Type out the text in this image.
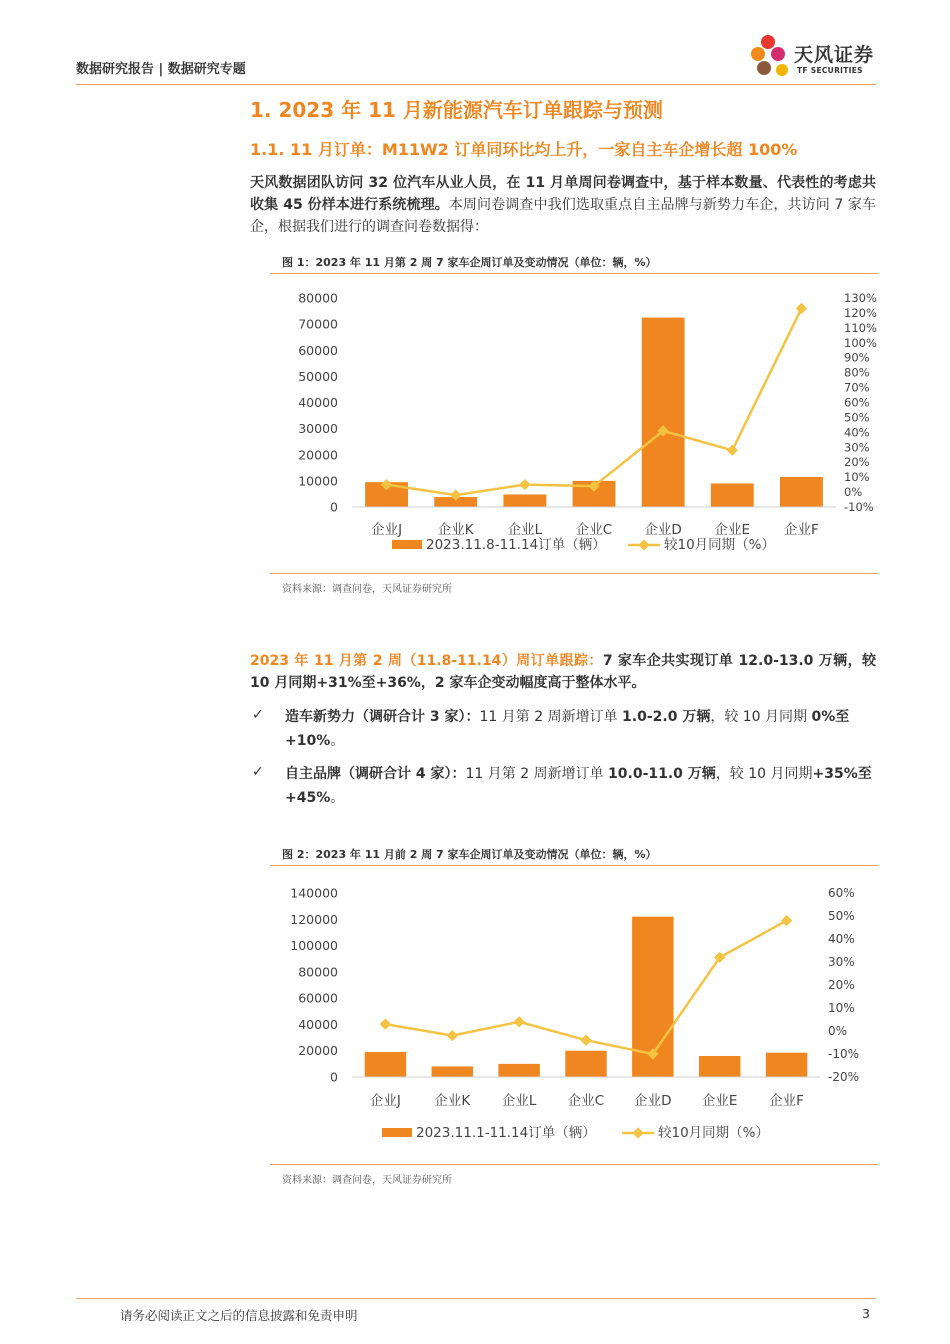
数据研究报告 | 数据研究专题
天风证券
TF SECURITIES
1. 2023 年 11 月新能源汽车订单跟踪与预测
1.1. 11 月订单：M11W2 订单同环比均上升，一家自主车企增长超 100%
天风数据团队访问 32 位汽车从业人员，在 11 月单周问卷调查中，基于样本数量、代表性的考虑共收集 45 份样本进行系统梳理。本周问卷调查中我们选取重点自主品牌与新势力车企，共访问 7 家车企，根据我们进行的调查问卷数据得：
图 1：2023 年 11 月第 2 周 7 家车企周订单及变动情况（单位：辆，%）
80000
70000
60000
50000
40000
30000
20000
10000
0
130%
120%
110%
100%
90%
80%
70%
60%
50%
40%
30%
20%
10%
0%
-10%
企业J	企业K	企业L 企业C 企业D 企业E	企业F
2023.11.8-11.14订单（辆）	较10月同期（%）
资料来源：调查问卷，天风证券研究所
2023 年 11 月第 2 周（11.8-11.14）周订单跟踪：7 家车企共实现订单 12.0-13.0 万辆，较 10 月同期+31%至+36%，2 家车企变动幅度高于整体水平。
✓ 造车新势力（调研合计 3 家）：11 月第 2 周新增订单 1.0-2.0 万辆，较 10 月同期 0%至+10%。
✓ 自主品牌（调研合计 4 家）：11 月第 2 周新增订单 10.0-11.0 万辆，较 10 月同期+35%至+45%。
图 2：2023 年 11 月前 2 周 7 家车企周订单及变动情况（单位：辆，%）
140000
120000
100000
80000
60000
40000
20000
0
60%
50%
40%
30%
20%
10%
0%
-10%
-20%
企业J 企业K 企业L 企业C 企业D 企业E 企业F
2023.11.1-11.14订单（辆）	较10月同期（%）
资料来源：调查问卷，天风证券研究所
请务必阅读正文之后的信息披露和免责申明	3
